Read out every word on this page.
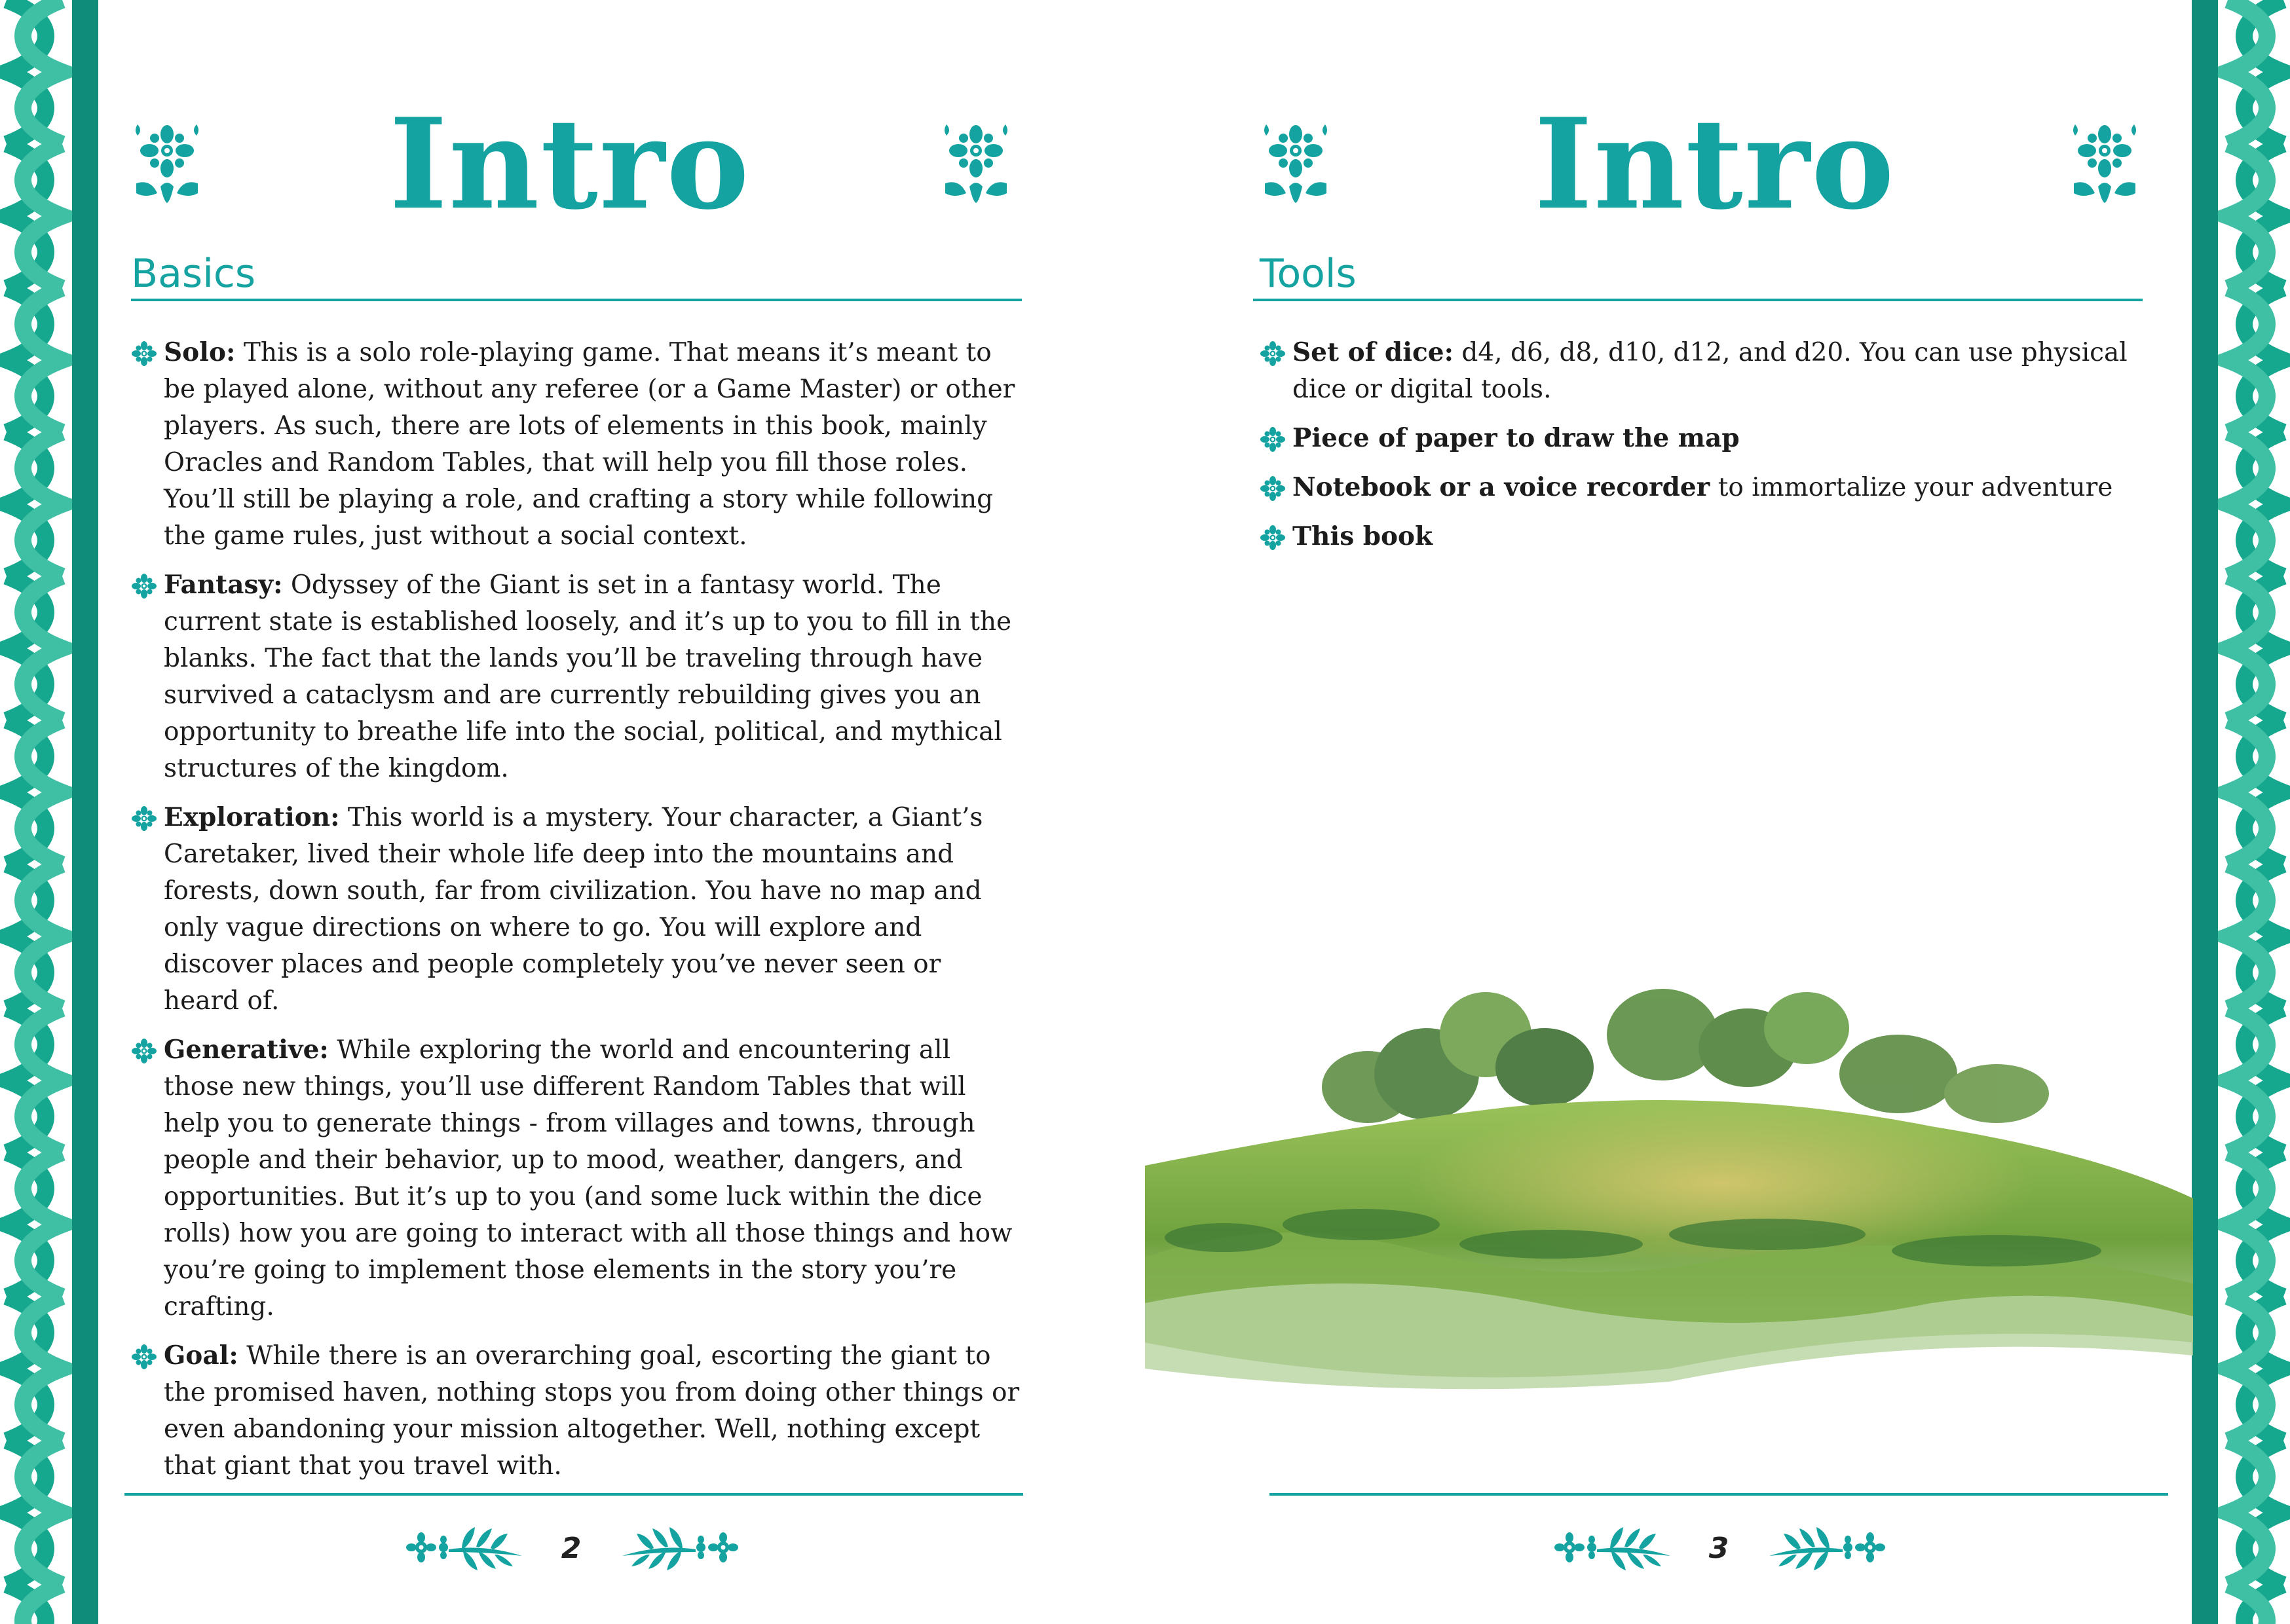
Intro
Basics
Solo: This is a solo role-playing game. That means it’s meant to be played alone, without any referee (or a Game Master) or other players. As such, there are lots of elements in this book, mainly Oracles and Random Tables, that will help you fill those roles. You’ll still be playing a role, and crafting a story while following the game rules, just without a social context.
Fantasy: Odyssey of the Giant is set in a fantasy world. The current state is established loosely, and it’s up to you to fill in the blanks. The fact that the lands you’ll be traveling through have survived a cataclysm and are currently rebuilding gives you an opportunity to breathe life into the social, political, and mythical structures of the kingdom.
Exploration: This world is a mystery. Your character, a Giant’s Caretaker, lived their whole life deep into the mountains and forests, down south, far from civilization. You have no map and only vague directions on where to go. You will explore and discover places and people completely you’ve never seen or heard of.
Generative: While exploring the world and encountering all those new things, you’ll use different Random Tables that will help you to generate things - from villages and towns, through people and their behavior, up to mood, weather, dangers, and opportunities. But it’s up to you (and some luck within the dice rolls) how you are going to interact with all those things and how you’re going to implement those elements in the story you’re crafting.
Goal: While there is an overarching goal, escorting the giant to the promised haven, nothing stops you from doing other things or even abandoning your mission altogether. Well, nothing except that giant that you travel with.
2
Intro
Tools
Set of dice: d4, d6, d8, d10, d12, and d20. You can use physical dice or digital tools.
Piece of paper to draw the map
Notebook or a voice recorder to immortalize your adventure
This book
3
